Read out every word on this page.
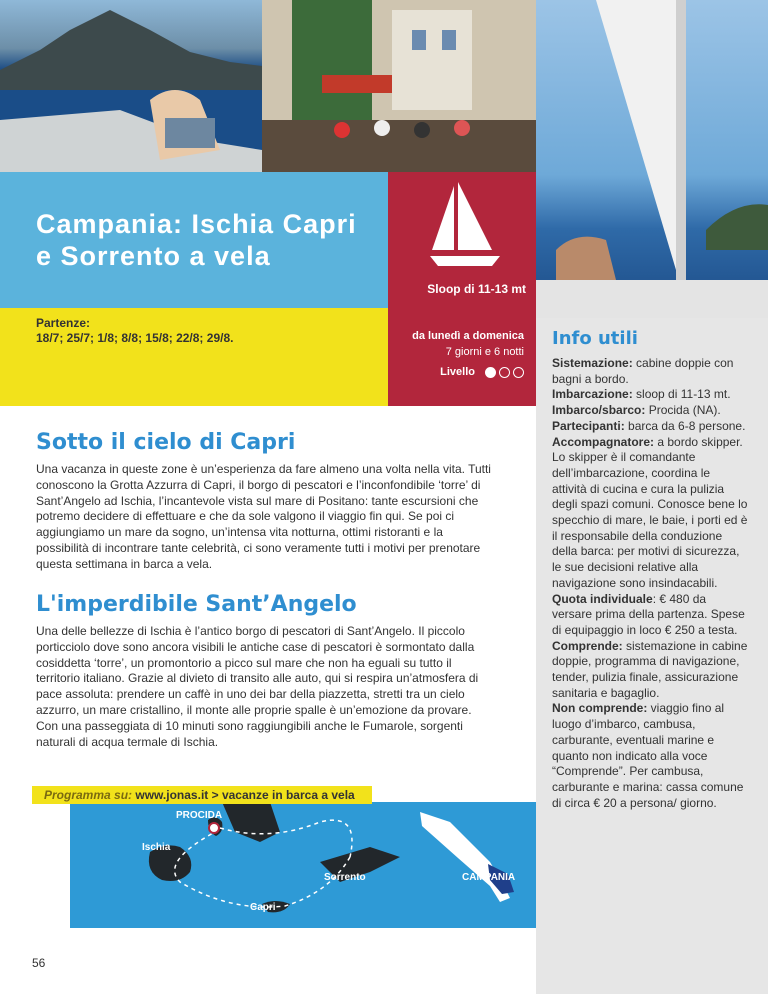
Campania: Ischia Capri e Sorrento a vela
Sloop di 11-13 mt
Partenze:
18/7; 25/7; 1/8; 8/8; 15/8; 22/8; 29/8.	da lunedì a domenica
7 giorni e 6 notti
Livello
Sotto il cielo di Capri

Una vacanza in queste zone è un’esperienza da fare almeno una volta nella vita. Tutti conoscono la Grotta Azzurra di Capri, il borgo di pescatori e l’inconfondibile ‘torre’ di Sant’Angelo ad Ischia, l’incantevole vista sul mare di Positano: tante escursioni che potremo decidere di effettuare e che da sole valgono il viaggio fin qui. Se poi ci aggiungiamo un mare da sogno, un’intensa vita notturna, ottimi ristoranti e la possibilità di incontrare tante celebrità, ci sono veramente tutti i motivi per prenotare questa settimana in barca a vela.

L'imperdibile Sant’Angelo

Una delle bellezze di Ischia è l’antico borgo di pescatori di Sant’Angelo. Il piccolo porticciolo dove sono ancora visibili le antiche case di pescatori è sormontato dalla cosiddetta ‘torre’, un promontorio a picco sul mare che non ha eguali su tutto il territorio italiano. Grazie al divieto di transito alle auto, qui si respira un’atmosfera di pace assoluta: prendere un caffè in uno dei bar della piazzetta, stretti tra un cielo azzurro, un mare cristallino, il monte alle proprie spalle è un’emozione da provare. Con una passeggiata di 10 minuti sono raggiungibili anche le Fumarole, sorgenti naturali di acqua termale di Ischia.

PROCIDA
Ischia
Sorrento
Capri
CAMPANIA
Programma su: www.jonas.it > vacanze in barca a vela
56
Info utili

Sistemazione: cabine doppie con bagni a bordo.

Imbarcazione: sloop di 11-13 mt.

Imbarco/sbarco: Procida (NA).

Partecipanti: barca da 6-8 persone.

Accompagnatore: a bordo skipper. Lo skipper è il comandante dell’imbarcazione, coordina le attività di cucina e cura la pulizia degli spazi comuni. Conosce bene lo specchio di mare, le baie, i porti ed è il responsabile della conduzione della barca: per motivi di sicurezza, le sue decisioni relative alla navigazione sono insindacabili.

Quota individuale: € 480 da versare prima della partenza. Spese di equipaggio in loco € 250 a testa.

Comprende: sistemazione in cabine doppie, programma di navigazione, tender, pulizia finale, assicurazione sanitaria e bagaglio.

Non comprende: viaggio fino al luogo d’imbarco, cambusa, carburante, eventuali marine e quanto non indicato alla voce “Comprende”. Per cambusa, carburante e marina: cassa comune di circa € 20 a persona/ giorno.
